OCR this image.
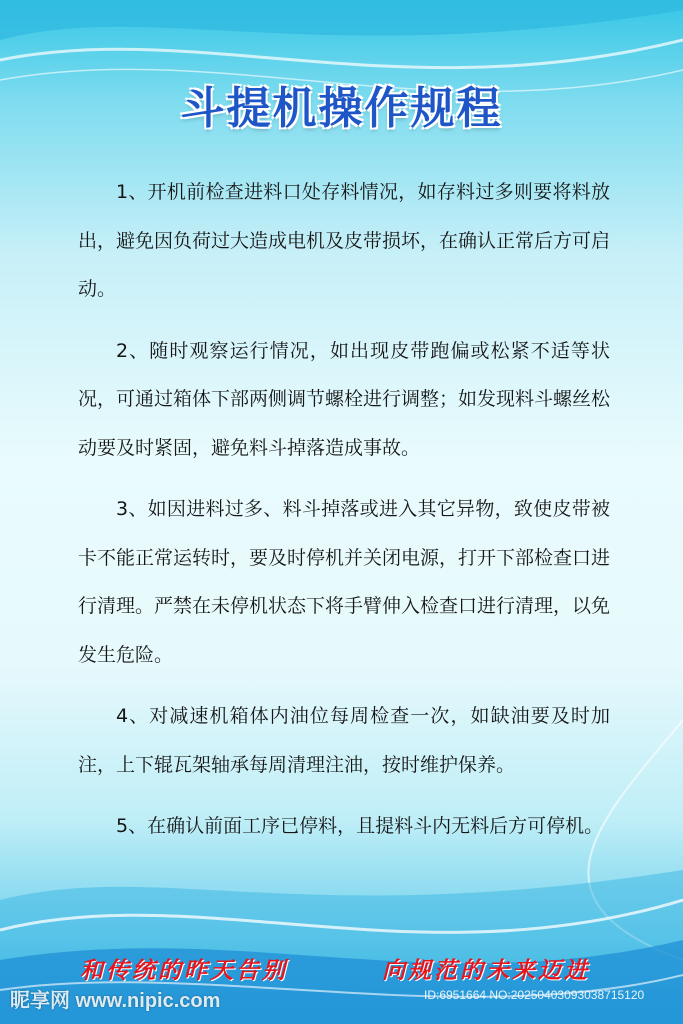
斗提机操作规程

1、开机前检查进料口处存料情况，如存料过多则要将料放出，避免因负荷过大造成电机及皮带损坏，在确认正常后方可启动。

2、随时观察运行情况，如出现皮带跑偏或松紧不适等状况，可通过箱体下部两侧调节螺栓进行调整；如发现料斗螺丝松动要及时紧固，避免料斗掉落造成事故。

3、如因进料过多、料斗掉落或进入其它异物，致使皮带被卡不能正常运转时，要及时停机并关闭电源，打开下部检查口进行清理。严禁在未停机状态下将手臂伸入检查口进行清理，以免发生危险。

4、对减速机箱体内油位每周检查一次，如缺油要及时加注，上下辊瓦架轴承每周清理注油，按时维护保养。

5、在确认前面工序已停料，且提料斗内无料后方可停机。

和传统的昨天告别	向规范的未来迈进
昵享网 www.nipic.com	ID:6951664 NO:20250403093038715120
